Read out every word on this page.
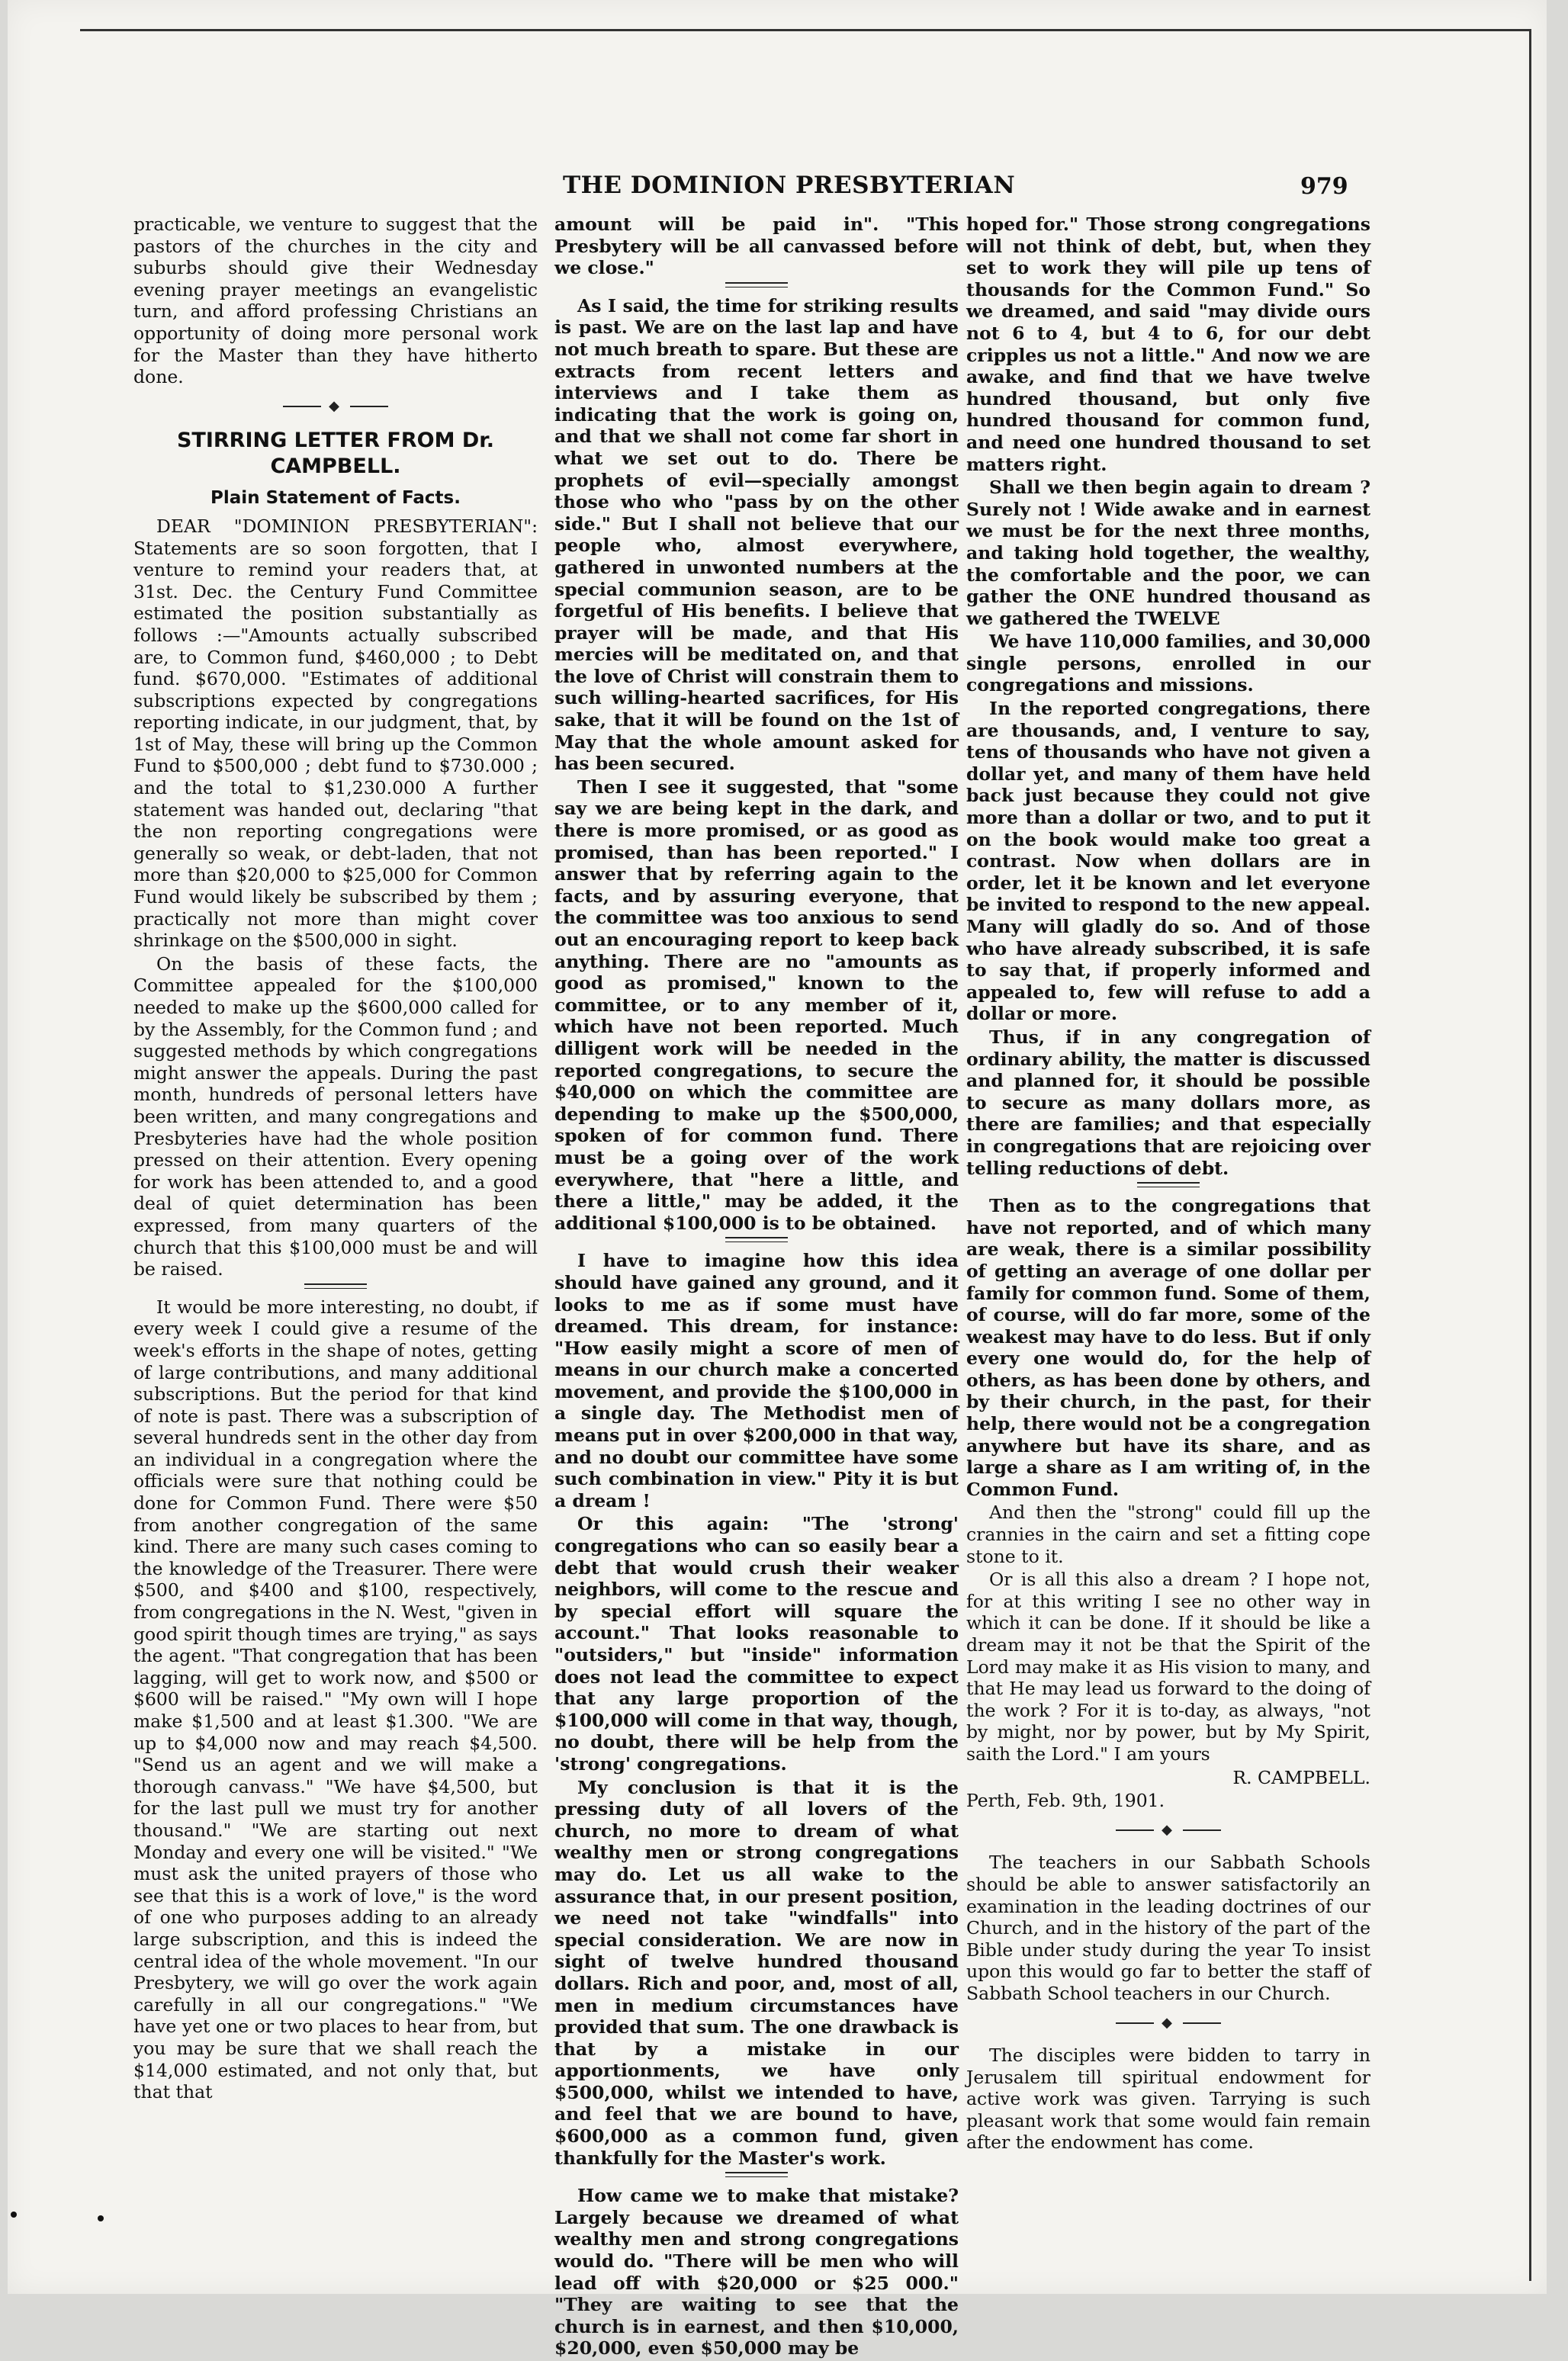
THE DOMINION PRESBYTERIAN	979

practicable, we venture to suggest that the pastors of the churches in the city and suburbs should give their Wednesday evening prayer meetings an evangelistic turn, and afford professing Christians an opportunity of doing more personal work for the Master than they have hitherto done.

◆
STIRRING LETTER FROM Dr.
CAMPBELL.
Plain Statement of Facts.

DEAR "DOMINION PRESBYTERIAN": Statements are so soon forgotten, that I venture to remind your readers that, at 31st. Dec. the Century Fund Committee estimated the position substantially as follows :—"Amounts actually subscribed are, to Common fund, $460,000 ; to Debt fund. $670,000. "Estimates of additional subscriptions expected by congregations reporting indicate, in our judgment, that, by 1st of May, these will bring up the Common Fund to $500,000 ; debt fund to $730.000 ; and the total to $1,230.000 A further statement was handed out, declaring "that the non reporting congregations were generally so weak, or debt-laden, that not more than $20,000 to $25,000 for Common Fund would likely be subscribed by them ; practically not more than might cover shrinkage on the $500,000 in sight.

On the basis of these facts, the Committee appealed for the $100,000 needed to make up the $600,000 called for by the Assembly, for the Common fund ; and suggested methods by which congregations might answer the appeals. During the past month, hundreds of personal letters have been written, and many congregations and Presbyteries have had the whole position pressed on their attention. Every opening for work has been attended to, and a good deal of quiet determination has been expressed, from many quarters of the church that this $100,000 must be and will be raised.

It would be more interesting, no doubt, if every week I could give a resume of the week's efforts in the shape of notes, getting of large contributions, and many additional subscriptions. But the period for that kind of note is past. There was a subscription of several hundreds sent in the other day from an individual in a congregation where the officials were sure that nothing could be done for Common Fund. There were $50 from another congregation of the same kind. There are many such cases coming to the knowledge of the Treasurer. There were $500, and $400 and $100, respectively, from congregations in the N. West, "given in good spirit though times are trying," as says the agent. "That congregation that has been lagging, will get to work now, and $500 or $600 will be raised." "My own will I hope make $1,500 and at least $1.300. "We are up to $4,000 now and may reach $4,500. "Send us an agent and we will make a thorough canvass." "We have $4,500, but for the last pull we must try for another thousand." "We are starting out next Monday and every one will be visited." "We must ask the united prayers of those who see that this is a work of love," is the word of one who purposes adding to an already large subscription, and this is indeed the central idea of the whole movement. "In our Presbytery, we will go over the work again carefully in all our congregations." "We have yet one or two places to hear from, but you may be sure that we shall reach the $14,000 estimated, and not only that, but that that

amount will be paid in". "This Presbytery will be all canvassed before we close."

As I said, the time for striking results is past. We are on the last lap and have not much breath to spare. But these are extracts from recent letters and interviews and I take them as indicating that the work is going on, and that we shall not come far short in what we set out to do. There be prophets of evil—specially amongst those who who "pass by on the other side." But I shall not believe that our people who, almost everywhere, gathered in unwonted numbers at the special communion season, are to be forgetful of His benefits. I believe that prayer will be made, and that His mercies will be meditated on, and that the love of Christ will constrain them to such willing-hearted sacrifices, for His sake, that it will be found on the 1st of May that the whole amount asked for has been secured.

Then I see it suggested, that "some say we are being kept in the dark, and there is more promised, or as good as promised, than has been reported." I answer that by referring again to the facts, and by assuring everyone, that the committee was too anxious to send out an encouraging report to keep back anything. There are no "amounts as good as promised," known to the committee, or to any member of it, which have not been reported. Much dilligent work will be needed in the reported congregations, to secure the $40,000 on which the committee are depending to make up the $500,000, spoken of for common fund. There must be a going over of the work everywhere, that "here a little, and there a little," may be added, it the additional $100,000 is to be obtained.

I have to imagine how this idea should have gained any ground, and it looks to me as if some must have dreamed. This dream, for instance: "How easily might a score of men of means in our church make a concerted movement, and provide the $100,000 in a single day. The Methodist men of means put in over $200,000 in that way, and no doubt our committee have some such combination in view." Pity it is but a dream !

Or this again: "The 'strong' congregations who can so easily bear a debt that would crush their weaker neighbors, will come to the rescue and by special effort will square the account." That looks reasonable to "outsiders," but "inside" information does not lead the committee to expect that any large proportion of the $100,000 will come in that way, though, no doubt, there will be help from the 'strong' congregations.

My conclusion is that it is the pressing duty of all lovers of the church, no more to dream of what wealthy men or strong congregations may do. Let us all wake to the assurance that, in our present position, we need not take "windfalls" into special consideration. We are now in sight of twelve hundred thousand dollars. Rich and poor, and, most of all, men in medium circumstances have provided that sum. The one drawback is that by a mistake in our apportionments, we have only $500,000, whilst we intended to have, and feel that we are bound to have, $600,000 as a common fund, given thankfully for the Master's work.

How came we to make that mistake? Largely because we dreamed of what wealthy men and strong congregations would do. "There will be men who will lead off with $20,000 or $25 000." "They are waiting to see that the church is in earnest, and then $10,000, $20,000, even $50,000 may be

hoped for." Those strong congregations will not think of debt, but, when they set to work they will pile up tens of thousands for the Common Fund." So we dreamed, and said "may divide ours not 6 to 4, but 4 to 6, for our debt cripples us not a little." And now we are awake, and find that we have twelve hundred thousand, but only five hundred thousand for common fund, and need one hundred thousand to set matters right.

Shall we then begin again to dream ? Surely not ! Wide awake and in earnest we must be for the next three months, and taking hold together, the wealthy, the comfortable and the poor, we can gather the ONE hundred thousand as we gathered the TWELVE

We have 110,000 families, and 30,000 single persons, enrolled in our congregations and missions.

In the reported congregations, there are thousands, and, I venture to say, tens of thousands who have not given a dollar yet, and many of them have held back just because they could not give more than a dollar or two, and to put it on the book would make too great a contrast. Now when dollars are in order, let it be known and let everyone be invited to respond to the new appeal. Many will gladly do so. And of those who have already subscribed, it is safe to say that, if properly informed and appealed to, few will refuse to add a dollar or more.

Thus, if in any congregation of ordinary ability, the matter is discussed and planned for, it should be possible to secure as many dollars more, as there are families; and that especially in congregations that are rejoicing over telling reductions of debt.

Then as to the congregations that have not reported, and of which many are weak, there is a similar possibility of getting an average of one dollar per family for common fund. Some of them, of course, will do far more, some of the weakest may have to do less. But if only every one would do, for the help of others, as has been done by others, and by their church, in the past, for their help, there would not be a congregation anywhere but have its share, and as large a share as I am writing of, in the Common Fund.

And then the "strong" could fill up the crannies in the cairn and set a fitting cope stone to it.

Or is all this also a dream ? I hope not, for at this writing I see no other way in which it can be done. If it should be like a dream may it not be that the Spirit of the Lord may make it as His vision to many, and that He may lead us forward to the doing of the work ? For it is to-day, as always, "not by might, nor by power, but by My Spirit, saith the Lord." I am yours

R. CAMPBELL.

Perth, Feb. 9th, 1901.

◆

The teachers in our Sabbath Schools should be able to answer satisfactorily an examination in the leading doctrines of our Church, and in the history of the part of the Bible under study during the year To insist upon this would go far to better the staff of Sabbath School teachers in our Church.

◆

The disciples were bidden to tarry in Jerusalem till spiritual endowment for active work was given. Tarrying is such pleasant work that some would fain remain after the endowment has come.
